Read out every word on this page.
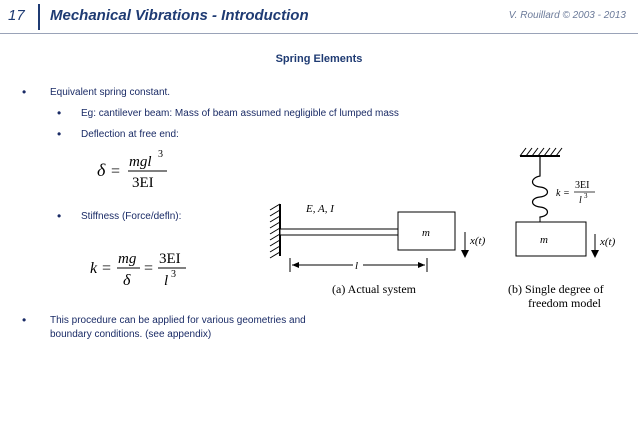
17 Mechanical Vibrations - Introduction	V. Rouillard © 2003 - 2013
Spring Elements
• Equivalent spring constant.
• Eg: cantilever beam: Mass of beam assumed negligible cf lumped mass
• Deflection at free end:
• Stiffness (Force/defln):
• This procedure can be applied for various geometries and
boundary conditions. (see appendix)
δ =
mgl 3
3EI
k =
mg
δ
=
3EI
l 3
E, A, I
m
x(t)
l
(a) Actual system
k =
3EI
l 3
m	x(t)
(b) Single degree of
freedom model
